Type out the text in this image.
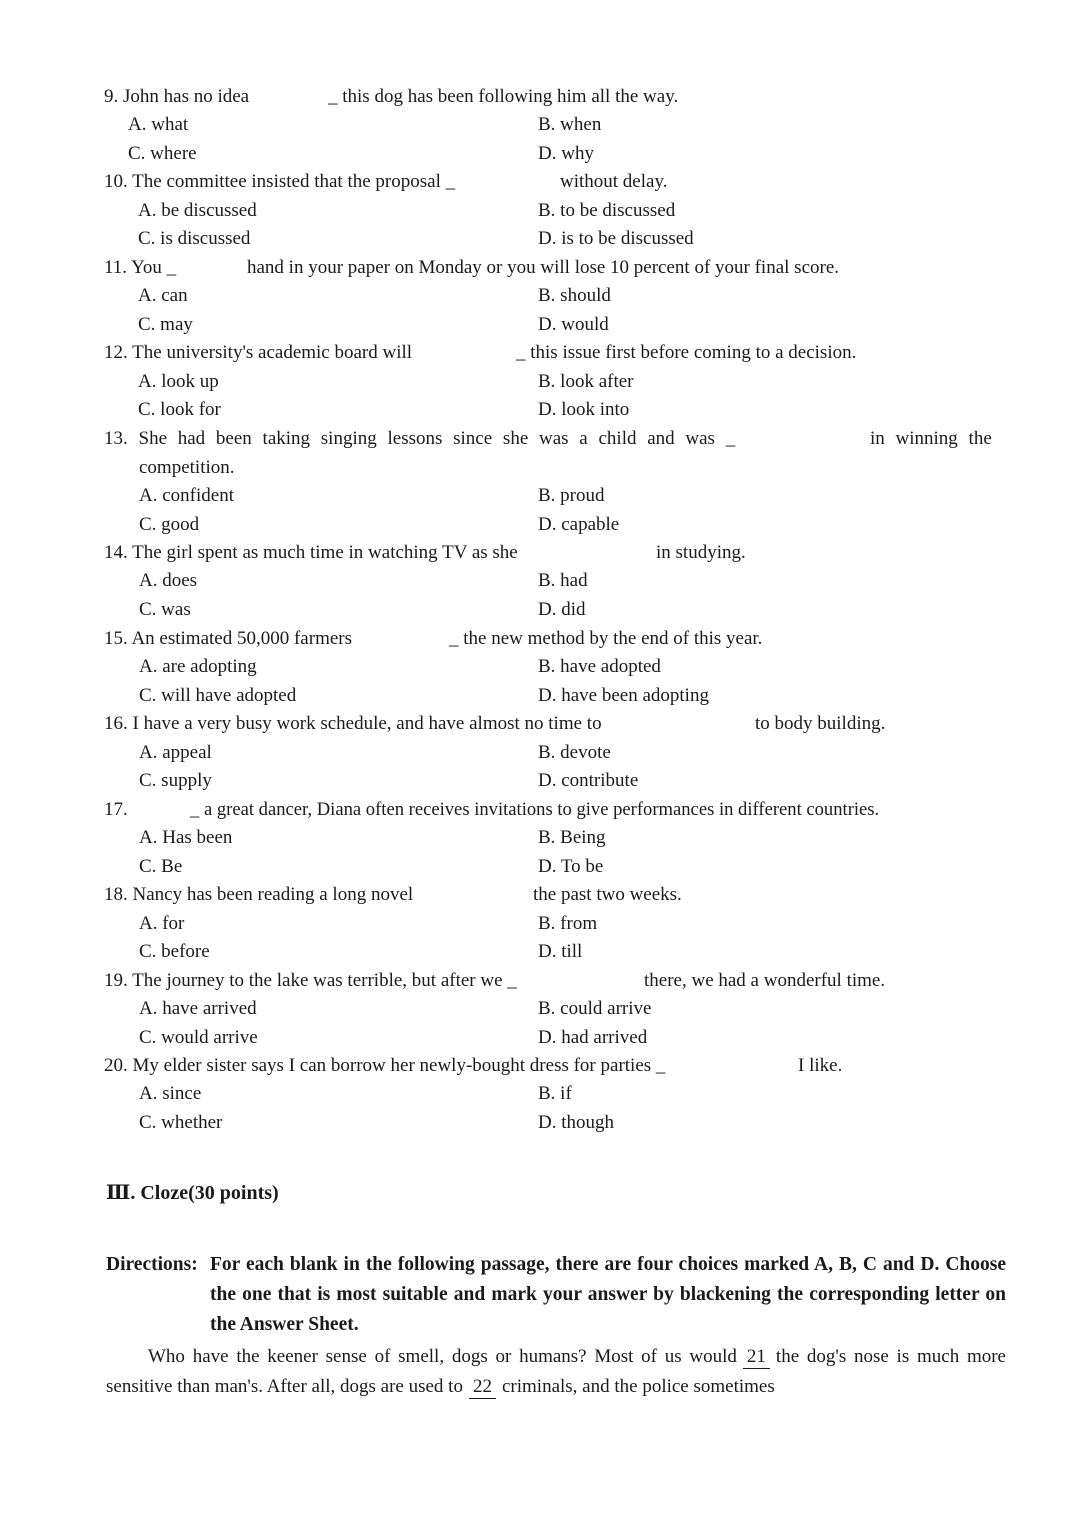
9. John has no idea	_ this dog has been following him all the way.
A. what	B. when
C. where	D. why
10. The committee insisted that the proposal _	without delay.
A. be discussed	B. to be discussed
C. is discussed	D. is to be discussed
11. You _	hand in your paper on Monday or you will lose 10 percent of your final score.
A. can	B. should
C. may	D. would
12. The university's academic board will	_ this issue first before coming to a decision.
A. look up	B. look after
C. look for	D. look into
13. She had been taking singing lessons since she was a child and was _	in winning the
competition.
A. confident	B. proud
C. good	D. capable
14. The girl spent as much time in watching TV as she	in studying.
A. does	B. had
C. was	D. did
15. An estimated 50,000 farmers	_ the new method by the end of this year.
A. are adopting	B. have adopted
C. will have adopted	D. have been adopting
16. I have a very busy work schedule, and have almost no time to	to body building.
A. appeal	B. devote
C. supply	D. contribute
17.	_ a great dancer, Diana often receives invitations to give performances in different countries.
A. Has been	B. Being
C. Be	D. To be
18. Nancy has been reading a long novel	the past two weeks.
A. for	B. from
C. before	D. till
19. The journey to the lake was terrible, but after we _	there, we had a wonderful time.
A. have arrived	B. could arrive
C. would arrive	D. had arrived
20. My elder sister says I can borrow her newly-bought dress for parties _	I like.
A. since	B. if
C. whether	D. though
Ⅲ. Cloze(30 points)
Directions: For each blank in the following passage, there are four choices marked A, B, C and D. Choose the one that is most suitable and mark your answer by blackening the corresponding letter on the Answer Sheet.
Who have the keener sense of smell, dogs or humans? Most of us would 21 the dog's nose is much more sensitive than man's. After all, dogs are used to 22 criminals, and the police sometimes
